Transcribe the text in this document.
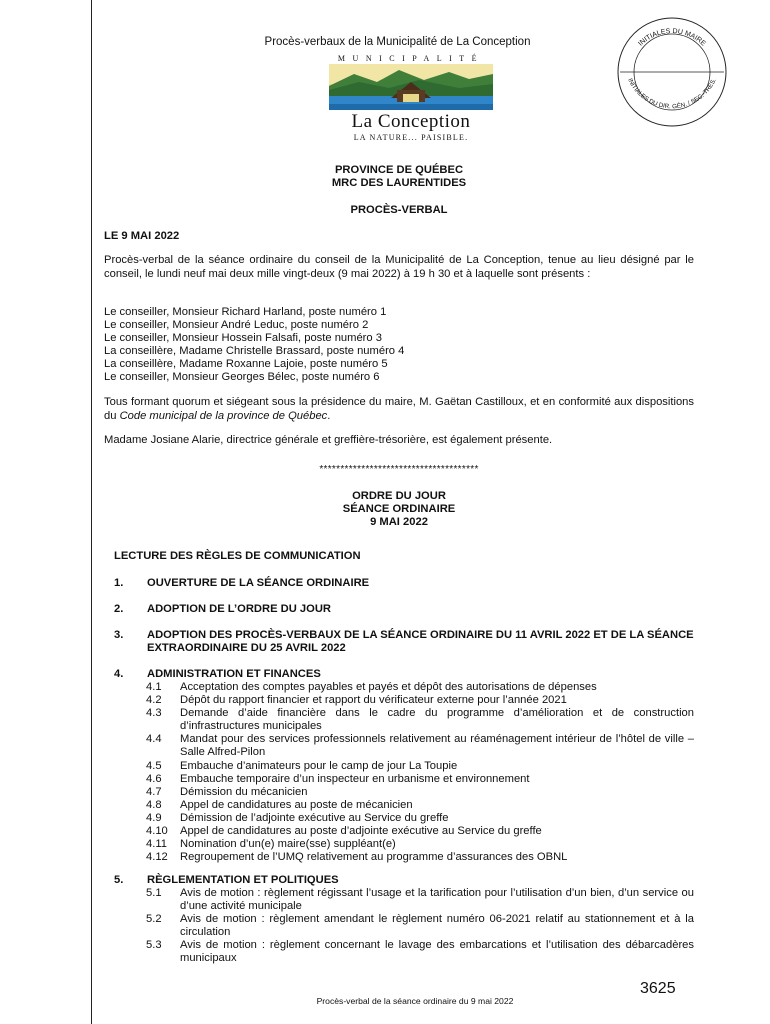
Procès-verbaux de la Municipalité de La Conception
MUNICIPALITÉ
La Conception
LA NATURE... PAISIBLE.
INITIALES DU MAIRE
INITIALES DU DIR. GÉN. / SEC.-TRÉS.
PROVINCE DE QUÉBEC
MRC DES LAURENTIDES
PROCÈS-VERBAL
LE 9 MAI 2022
Procès-verbal de la séance ordinaire du conseil de la Municipalité de La Conception, tenue au lieu désigné par le conseil, le lundi neuf mai deux mille vingt-deux (9 mai 2022) à 19 h 30 et à laquelle sont présents :
Le conseiller, Monsieur Richard Harland, poste numéro 1
Le conseiller, Monsieur André Leduc, poste numéro 2
Le conseiller, Monsieur Hossein Falsafi, poste numéro 3
La conseillère, Madame Christelle Brassard, poste numéro 4
La conseillère, Madame Roxanne Lajoie, poste numéro 5
Le conseiller, Monsieur Georges Bélec, poste numéro 6
Tous formant quorum et siégeant sous la présidence du maire, M. Gaëtan Castilloux, et en conformité aux dispositions du Code municipal de la province de Québec.
Madame Josiane Alarie, directrice générale et greffière-trésorière, est également présente.
**************************************
ORDRE DU JOUR
SÉANCE ORDINAIRE
9 MAI 2022
LECTURE DES RÈGLES DE COMMUNICATION
1. OUVERTURE DE LA SÉANCE ORDINAIRE
2. ADOPTION DE L’ORDRE DU JOUR
3. ADOPTION DES PROCÈS-VERBAUX DE LA SÉANCE ORDINAIRE DU 11 AVRIL 2022 ET DE LA SÉANCE EXTRAORDINAIRE DU 25 AVRIL 2022
4. ADMINISTRATION ET FINANCES
4.1 Acceptation des comptes payables et payés et dépôt des autorisations de dépenses
4.2 Dépôt du rapport financier et rapport du vérificateur externe pour l’année 2021
4.3 Demande d’aide financière dans le cadre du programme d’amélioration et de construction d’infrastructures municipales
4.4 Mandat pour des services professionnels relativement au réaménagement intérieur de l’hôtel de ville – Salle Alfred-Pilon
4.5 Embauche d’animateurs pour le camp de jour La Toupie
4.6 Embauche temporaire d’un inspecteur en urbanisme et environnement
4.7 Démission du mécanicien
4.8 Appel de candidatures au poste de mécanicien
4.9 Démission de l’adjointe exécutive au Service du greffe
4.10 Appel de candidatures au poste d’adjointe exécutive au Service du greffe
4.11 Nomination d’un(e) maire(sse) suppléant(e)
4.12 Regroupement de l’UMQ relativement au programme d’assurances des OBNL
5. RÈGLEMENTATION ET POLITIQUES
5.1 Avis de motion : règlement régissant l’usage et la tarification pour l’utilisation d’un bien, d’un service ou d’une activité municipale
5.2 Avis de motion : règlement amendant le règlement numéro 06-2021 relatif au stationnement et à la circulation
5.3 Avis de motion : règlement concernant le lavage des embarcations et l’utilisation des débarcadères municipaux
3625
Procès-verbal de la séance ordinaire du 9 mai 2022
